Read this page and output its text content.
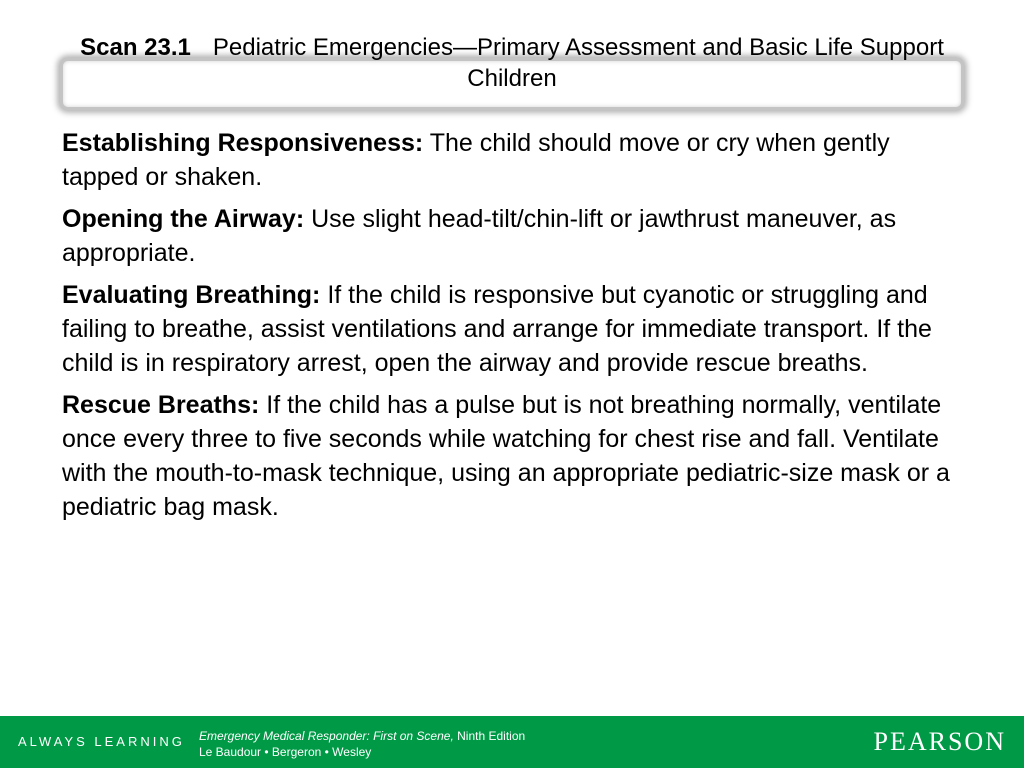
Scan 23.1 Pediatric Emergencies—Primary Assessment and Basic Life Support
Children

Establishing Responsiveness: The child should move or cry when gently tapped or shaken.

Opening the Airway: Use slight head-tilt/chin-lift or jawthrust maneuver, as appropriate.

Evaluating Breathing: If the child is responsive but cyanotic or struggling and failing to breathe, assist ventilations and arrange for immediate transport. If the child is in respiratory arrest, open the airway and provide rescue breaths.

Rescue Breaths: If the child has a pulse but is not breathing normally, ventilate once every three to five seconds while watching for chest rise and fall. Ventilate with the mouth-to-mask technique, using an appropriate pediatric-size mask or a pediatric bag mask.

ALWAYS LEARNING Emergency Medical Responder: First on Scene, Ninth Edition
Le Baudour • Bergeron • Wesley	PEARSON
